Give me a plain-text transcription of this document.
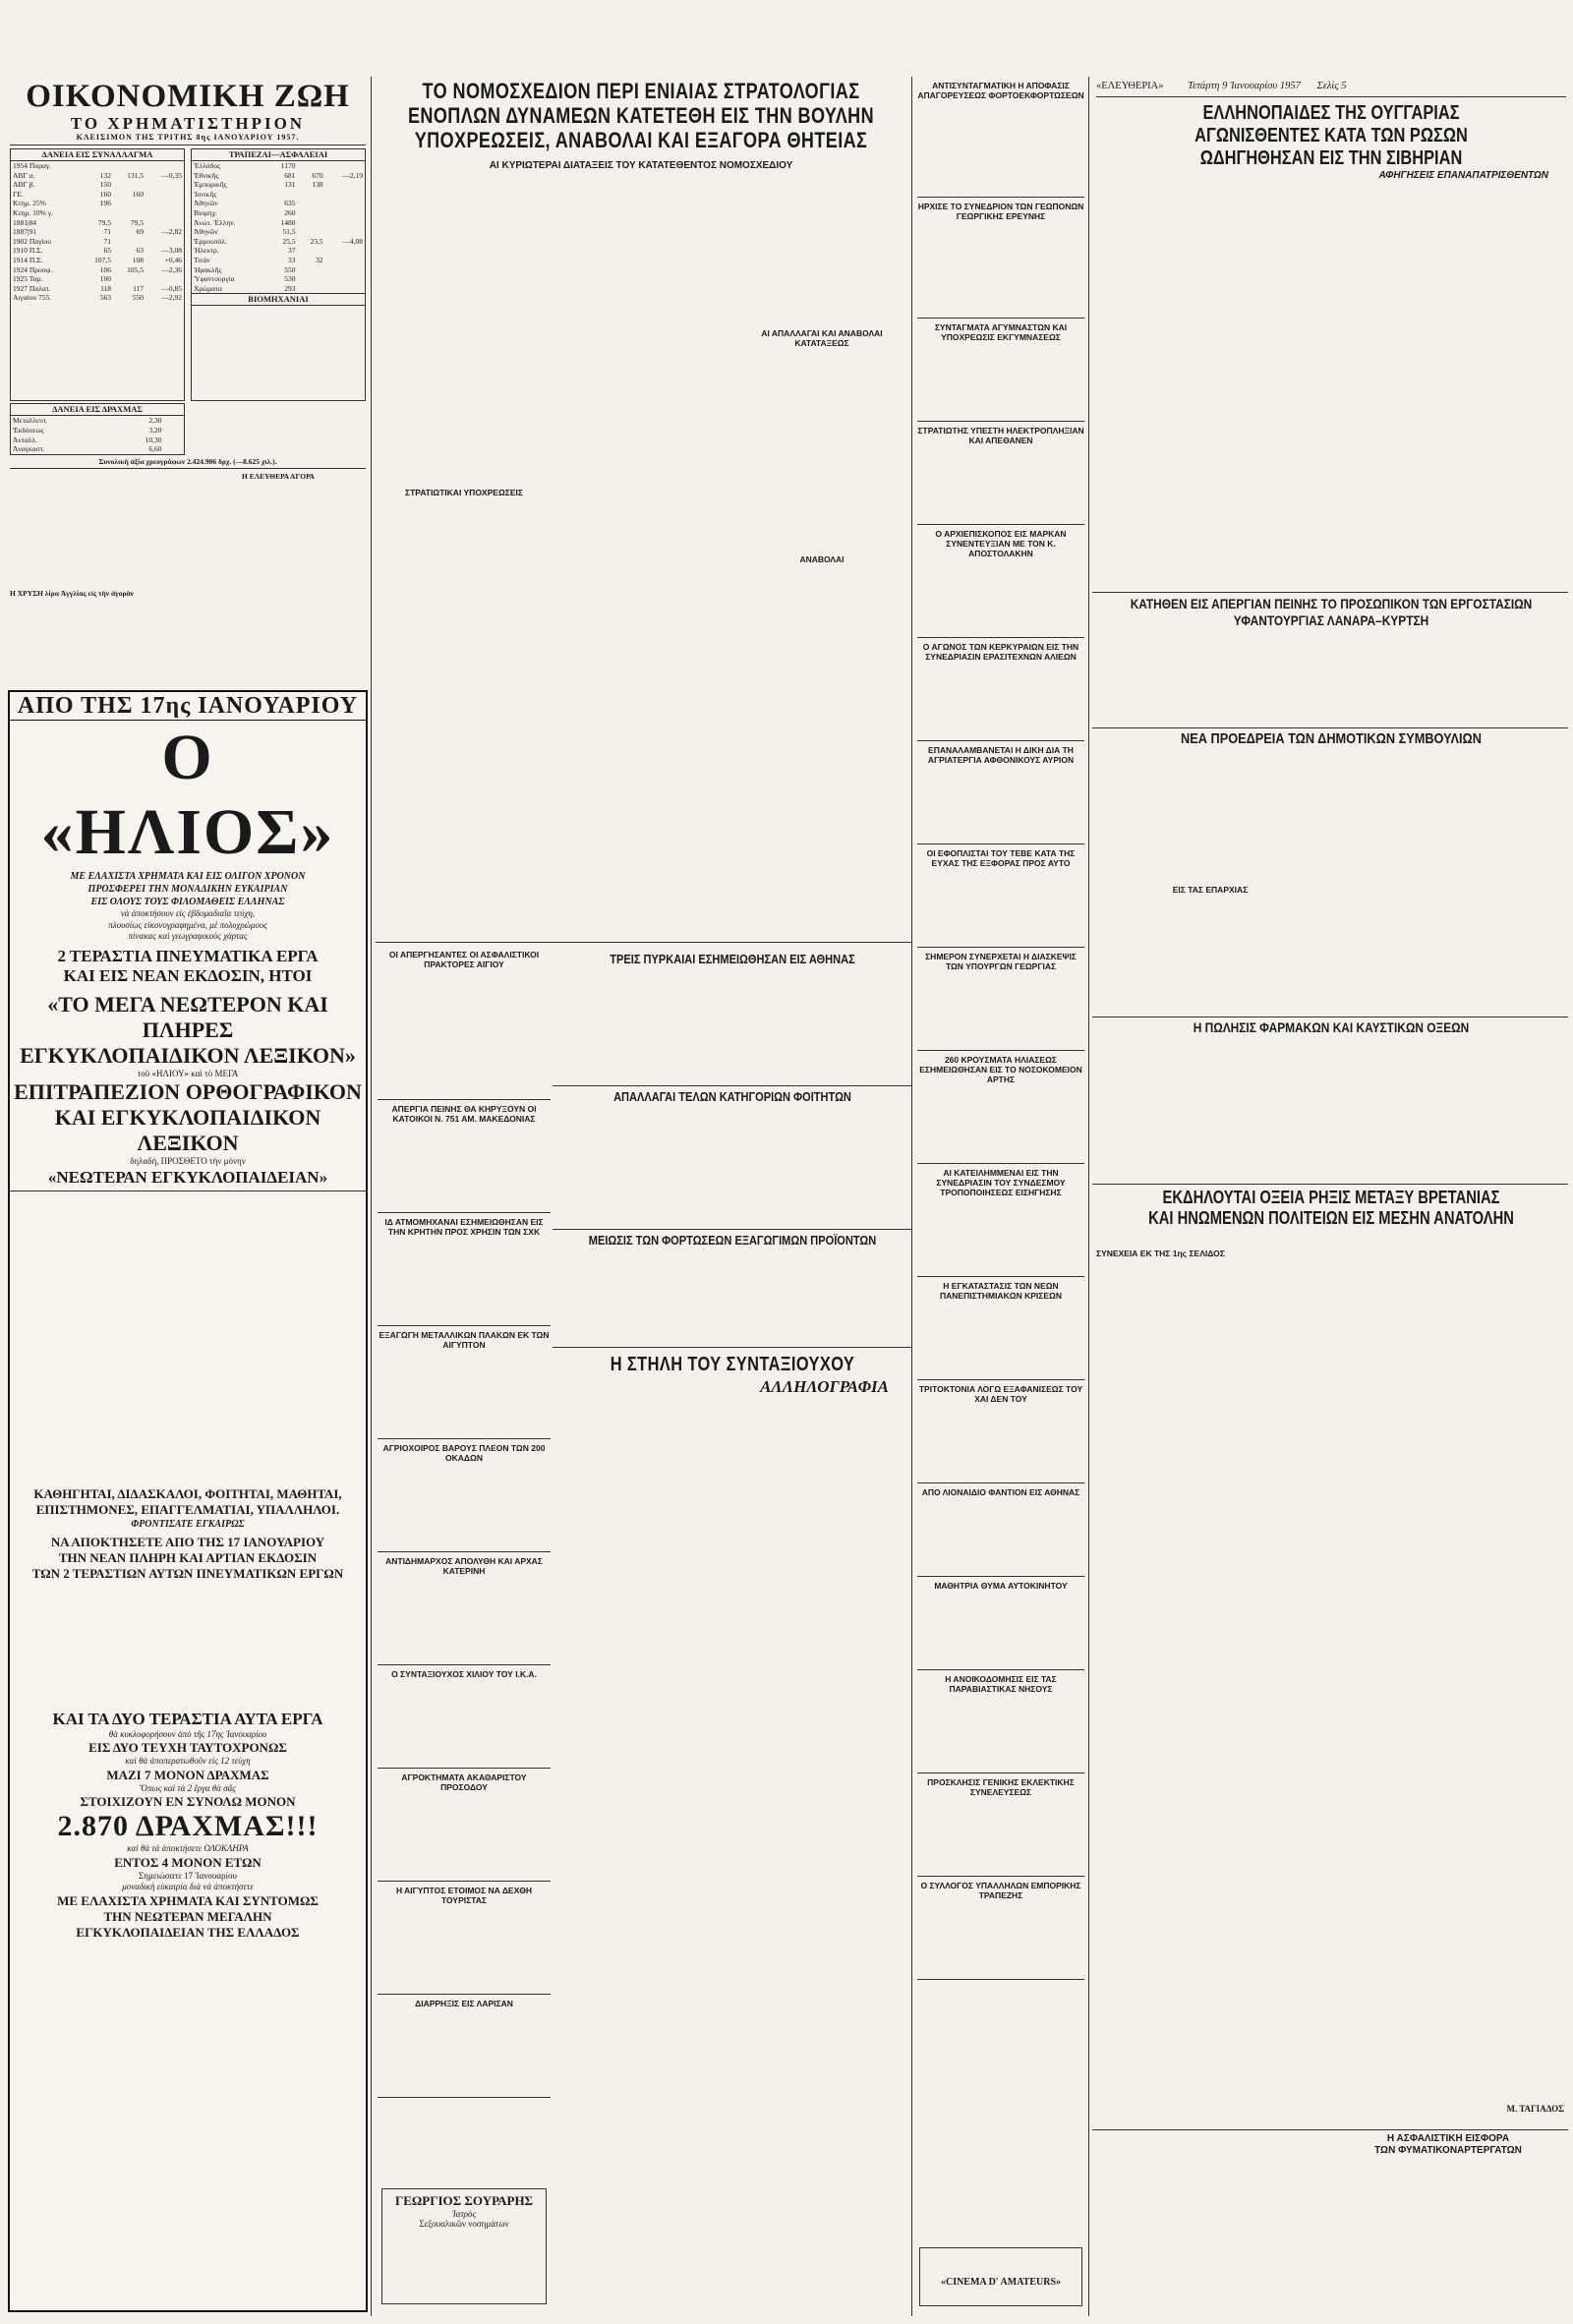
«ΕΛΕΥΘΕΡΙΑ» Τετάρτη 9 Ἰανουαρίου 1957 Σελὶς 5
ΟΙΚΟΝΟΜΙΚΗ ΖΩΗ
ΤΟ ΧΡΗΜΑΤΙΣΤΗΡΙΟΝ
ΚΛΕΙΣΙΜΟΝ ΤΗΣ ΤΡΙΤΗΣ 8ης ΙΑΝΟΥΑΡΙΟΥ 1957.
ΔΑΝΕΙΑ ΕΙΣ ΣΥΝΑΛΛΑΓΜΑ
1954 Παραγ.			
ΑΒΓ α.	132	131,5	—0,35
ΑΒΓ β.	150		
ΓΕ.	160	160	
Κτημ. 25%	196		
Κτημ. 10% γ.			
1881|84	79,5	79,5	
1887|91	71	69	—2,82
1902 Παγίου	71		
1910 Π.Σ.	65	63	—3,08
1914 Π.Σ.	107,5	108	+0,46
1924 Προσφ.	106	105,5	—2,36
1925 Ταμ.	100		
1927 Παλατ.	118	117	—0,85
Αιγαίου 755.	563	550	—2,92
ΤΡΑΠΕΖΑΙ—ΑΣΦΑΛΕΙΑΙ
Ἑλλάδος	1170		
Ἐθνικῆς	681	670	—2,19
Ἐμπορικῆς	131	138	
Ἰονικῆς			
Ἀθηνῶν	635		
Βιομηχ.	260		
Ἀνώτ. Ἐλλην.	1480		
Ἀθηνῶν	51,5		
Ἑρμουπόλ.	25,5	23,5	—4,08
Ἠλεκτρ.	37		
Τιτάν	33	32	
Ἡρακλῆς	550		
Ὑφαντουργία	530		
Χρώματα	293		
ΒΙΟΜΗΧΑΝΙΑΙ
ΔΑΝΕΙΑ ΕΙΣ ΔΡΑΧΜΑΣ
Μεταλλευτ.	2,30		
Ἐκδόσεως	3,20		
Ἀνταλλ.	10,30		
Ἀναγκαστ.	6,60		
Συνολικὴ ἀξία χρεογράφων 2.424.906 δρχ. (—8.625 χιλ.).
Η ΕΛΕΥΘΕΡΑ ΑΓΟΡΑ
Η ΧΡΥΣΗ λίρα Ἀγγλίας εἰς τὴν ἀγορὰν
ΑΠΟ ΤΗΣ 17ης ΙΑΝΟΥΑΡΙΟΥ
Ο «ΗΛΙΟΣ»
ΜΕ ΕΛΑΧΙΣΤΑ ΧΡΗΜΑΤΑ ΚΑΙ ΕΙΣ ΟΛΙΓΟΝ ΧΡΟΝΟΝ
ΠΡΟΣΦΕΡΕΙ ΤΗΝ ΜΟΝΑΔΙΚΗΝ ΕΥΚΑΙΡΙΑΝ
ΕΙΣ ΟΛΟΥΣ ΤΟΥΣ ΦΙΛΟΜΑΘΕΙΣ ΕΛΛΗΝΑΣ
νὰ ἀποκτήσουν εἰς ἑβδομαδιαῖα τεύχη,
πλουσίως εἰκονογραφημένα, μὲ πολυχρώμους
πίνακας καὶ γεωγραφικοὺς χάρτας
2 ΤΕΡΑΣΤΙΑ ΠΝΕΥΜΑΤΙΚΑ ΕΡΓΑ
ΚΑΙ ΕΙΣ ΝΕΑΝ ΕΚΔΟΣΙΝ, ΗΤΟΙ
«ΤΟ ΜΕΓΑ ΝΕΩΤΕΡΟΝ ΚΑΙ ΠΛΗΡΕΣ
ΕΓΚΥΚΛΟΠΑΙΔΙΚΟΝ ΛΕΞΙΚΟΝ»
τοῦ «ΗΛΙΟΥ» καὶ τὸ ΜΕΓΑ
ΕΠΙΤΡΑΠΕΖΙΟΝ ΟΡΘΟΓΡΑΦΙΚΟΝ
ΚΑΙ ΕΓΚΥΚΛΟΠΑΙΔΙΚΟΝ ΛΕΞΙΚΟΝ
δηλαδή, ΠΡΟΣΘΕΤΟ τὴν μόνην
«ΝΕΩΤΕΡΑΝ ΕΓΚΥΚΛΟΠΑΙΔΕΙΑΝ»
ΚΑΘΗΓΗΤΑΙ, ΔΙΔΑΣΚΑΛΟΙ, ΦΟΙΤΗΤΑΙ, ΜΑΘΗΤΑΙ,
ΕΠΙΣΤΗΜΟΝΕΣ, ΕΠΑΓΓΕΛΜΑΤΙΑΙ, ΥΠΑΛΛΗΛΟΙ.
ΦΡΟΝΤΙΣΑΤΕ ΕΓΚΑΙΡΩΣ
ΝΑ ΑΠΟΚΤΗΣΕΤΕ ΑΠΟ ΤΗΣ 17 ΙΑΝΟΥΑΡΙΟΥ
ΤΗΝ ΝΕΑΝ ΠΛΗΡΗ ΚΑΙ ΑΡΤΙΑΝ ΕΚΔΟΣΙΝ
ΤΩΝ 2 ΤΕΡΑΣΤΙΩΝ ΑΥΤΩΝ ΠΝΕΥΜΑΤΙΚΩΝ ΕΡΓΩΝ
ΚΑΙ ΤΑ ΔΥΟ ΤΕΡΑΣΤΙΑ ΑΥΤΑ ΕΡΓΑ
θὰ κυκλοφορήσουν ἀπὸ τῆς 17ης Ἰανουαρίου
ΕΙΣ ΔΥΟ ΤΕΥΧΗ ΤΑΥΤΟΧΡΟΝΩΣ
καὶ θὰ ἀποπερατωθοῦν εἰς 12 τεύχη
ΜΑΖΙ 7 ΜΟΝΟΝ ΔΡΑΧΜΑΣ
Ὅπως καὶ τὰ 2 ἔργα θὰ σᾶς
ΣΤΟΙΧΙΖΟΥΝ ΕΝ ΣΥΝΟΛΩ ΜΟΝΟΝ
2.870 ΔΡΑΧΜΑΣ!!!
καὶ θὰ τὰ ἀποκτήσετε ΟΛΟΚΛΗΡΑ
ΕΝΤΟΣ 4 ΜΟΝΟΝ ΕΤΩΝ
Σημειώσατε 17 Ἰανουαρίου
μοναδικὴ εὐκαιρία διὰ νὰ ἀποκτήσετε
ΜΕ ΕΛΑΧΙΣΤΑ ΧΡΗΜΑΤΑ ΚΑΙ ΣΥΝΤΟΜΩΣ
ΤΗΝ ΝΕΩΤΕΡΑΝ ΜΕΓΑΛΗΝ
ΕΓΚΥΚΛΟΠΑΙΔΕΙΑΝ ΤΗΣ ΕΛΛΑΔΟΣ
ΤΟ ΝΟΜΟΣΧΕΔΙΟΝ ΠΕΡΙ ΕΝΙΑΙΑΣ ΣΤΡΑΤΟΛΟΓΙΑΣ
ΕΝΟΠΛΩΝ ΔΥΝΑΜΕΩΝ ΚΑΤΕΤΕΘΗ ΕΙΣ ΤΗΝ ΒΟΥΛΗΝ
ΥΠΟΧΡΕΩΣΕΙΣ, ΑΝΑΒΟΛΑΙ ΚΑΙ ΕΞΑΓΟΡΑ ΘΗΤΕΙΑΣ
ΑΙ ΚΥΡΙΩΤΕΡΑΙ ΔΙΑΤΑΞΕΙΣ ΤΟΥ ΚΑΤΑΤΕΘΕΝΤΟΣ ΝΟΜΟΣΧΕΔΙΟΥ
ΣΤΡΑΤΙΩΤΙΚΑΙ ΥΠΟΧΡΕΩΣΕΙΣ
ΑΙ ΑΠΑΛΛΑΓΑΙ ΚΑΙ ΑΝΑΒΟΛΑΙ ΚΑΤΑΤΑΞΕΩΣ
ΑΝΑΒΟΛΑΙ
ΟΙ ΑΠΕΡΓΗΣΑΝΤΕΣ ΟΙ ΑΣΦΑΛΙΣΤΙΚΟΙ ΠΡΑΚΤΟΡΕΣ ΑΙΓΙΟΥ
ΑΠΕΡΓΙΑ ΠΕΙΝΗΣ ΘΑ ΚΗΡΥΞΟΥΝ ΟΙ ΚΑΤΟΙΚΟΙ Ν. 751 ΑΜ. ΜΑΚΕΔΟΝΙΑΣ
ΙΔ ΑΤΜΟΜΗΧΑΝΑΙ ΕΣΗΜΕΙΩΘΗΣΑΝ ΕΙΣ ΤΗΝ ΚΡΗΤΗΝ ΠΡΟΣ ΧΡΗΣΙΝ ΤΩΝ ΣΧΚ
ΕΞΑΓΩΓΗ ΜΕΤΑΛΛΙΚΩΝ ΠΛΑΚΩΝ ΕΚ ΤΩΝ ΑΙΓΥΠΤΟΝ
ΑΓΡΙΟΧΟΙΡΟΣ ΒΑΡΟΥΣ ΠΛΕΟΝ ΤΩΝ 200 ΟΚΑΔΩΝ
ΑΝΤΙΔΗΜΑΡΧΟΣ ΑΠΟΛΥΘΗ ΚΑΙ ΑΡΧΑΣ ΚΑΤΕΡΙΝΗ
Ο ΣΥΝΤΑΞΙΟΥΧΟΣ ΧΙΛΙΟΥ ΤΟΥ Ι.Κ.Α.
ΑΓΡΟΚΤΗΜΑΤΑ ΑΚΑΘΑΡΙΣΤΟΥ ΠΡΟΣΟΔΟΥ
Η ΑΙΓΥΠΤΟΣ ΕΤΟΙΜΟΣ ΝΑ ΔΕΧΘΗ ΤΟΥΡΙΣΤΑΣ
ΔΙΑΡΡΗΞΙΣ ΕΙΣ ΛΑΡΙΣΑΝ
ΤΡΕΙΣ ΠΥΡΚΑΙΑΙ ΕΣΗΜΕΙΩΘΗΣΑΝ ΕΙΣ ΑΘΗΝΑΣ
ΑΠΑΛΛΑΓΑΙ ΤΕΛΩΝ ΚΑΤΗΓΟΡΙΩΝ ΦΟΙΤΗΤΩΝ
ΜΕΙΩΣΙΣ ΤΩΝ ΦΟΡΤΩΣΕΩΝ ΕΞΑΓΩΓΙΜΩΝ ΠΡΟΪΟΝΤΩΝ
Η ΣΤΗΛΗ ΤΟΥ ΣΥΝΤΑΞΙΟΥΧΟΥ
ΑΛΛΗΛΟΓΡΑΦΙΑ
ΓΕΩΡΓΙΟΣ ΣΟΥΡΑΡΗΣ
Ἰατρὸς
Σεξουαλικῶν νοσημάτων
ΑΝΤΙΣΥΝΤΑΓΜΑΤΙΚΗ Η ΑΠΟΦΑΣΙΣ ΑΠΑΓΟΡΕΥΣΕΩΣ ΦΟΡΤΟΕΚΦΟΡΤΩΣΕΩΝ
ΗΡΧΙΣΕ ΤΟ ΣΥΝΕΔΡΙΟΝ ΤΩΝ ΓΕΩΠΟΝΩΝ ΓΕΩΡΓΙΚΗΣ ΕΡΕΥΝΗΣ
ΣΥΝΤΑΓΜΑΤΑ ΑΓΥΜΝΑΣΤΩΝ ΚΑΙ ΥΠΟΧΡΕΩΣΙΣ ΕΚΓΥΜΝΑΣΕΩΣ
ΣΤΡΑΤΙΩΤΗΣ ΥΠΕΣΤΗ ΗΛΕΚΤΡΟΠΛΗΞΙΑΝ ΚΑΙ ΑΠΕΘΑΝΕΝ
Ο ΑΡΧΙΕΠΙΣΚΟΠΟΣ ΕΙΣ ΜΑΡΚΑΝ ΣΥΝΕΝΤΕΥΞΙΑΝ ΜΕ ΤΟΝ Κ. ΑΠΟΣΤΟΛΑΚΗΝ
Ο ΑΓΩΝΟΣ ΤΩΝ ΚΕΡΚΥΡΑΙΩΝ ΕΙΣ ΤΗΝ ΣΥΝΕΔΡΙΑΣΙΝ ΕΡΑΣΙΤΕΧΝΩΝ ΑΛΙΕΩΝ
ΕΠΑΝΑΛΑΜΒΑΝΕΤΑΙ Η ΔΙΚΗ ΔΙΑ ΤΗ ΑΓΡΙΑΤΕΡΓΙΑ ΑΦΘΟΝΙΚΟΥΣ ΑΥΡΙΟΝ
ΟΙ ΕΦΟΠΛΙΣΤΑΙ ΤΟΥ ΤΕΒΕ ΚΑΤΑ ΤΗΣ ΕΥΧΑΣ ΤΗΣ ΕΞΦΟΡΑΣ ΠΡΟΣ ΑΥΤΟ
ΣΗΜΕΡΟΝ ΣΥΝΕΡΧΕΤΑΙ Η ΔΙΑΣΚΕΨΙΣ ΤΩΝ ΥΠΟΥΡΓΩΝ ΓΕΩΡΓΙΑΣ
260 ΚΡΟΥΣΜΑΤΑ ΗΛΙΑΣΕΩΣ ΕΣΗΜΕΙΩΘΗΣΑΝ ΕΙΣ ΤΟ ΝΟΣΟΚΟΜΕΙΟΝ ΑΡΤΗΣ
ΑΙ ΚΑΤΕΙΛΗΜΜΕΝΑΙ ΕΙΣ ΤΗΝ ΣΥΝΕΔΡΙΑΣΙΝ ΤΟΥ ΣΥΝΔΕΣΜΟΥ ΤΡΟΠΟΠΟΙΗΣΕΩΣ ΕΙΣΗΓΗΣΗΣ
Η ΕΓΚΑΤΑΣΤΑΣΙΣ ΤΩΝ ΝΕΩΝ ΠΑΝΕΠΙΣΤΗΜΙΑΚΩΝ ΚΡΙΣΕΩΝ
ΤΡΙΤΟΚΤΟΝΙΑ ΛΟΓΩ ΕΞΑΦΑΝΙΣΕΩΣ ΤΟΥ ΧΑΙ ΔΕΝ ΤΟΥ
ΑΠΟ ΛΙΟΝΑΙΔΙΟ ΦΑΝΤΙΟΝ ΕΙΣ ΑΘΗΝΑΣ
ΜΑΘΗΤΡΙΑ ΘΥΜΑ ΑΥΤΟΚΙΝΗΤΟΥ
Η ΑΝΟΙΚΟΔΟΜΗΣΙΣ ΕΙΣ ΤΑΣ ΠΑΡΑΒΙΑΣΤΙΚΑΣ ΝΗΣΟΥΣ
ΠΡΟΣΚΛΗΣΙΣ ΓΕΝΙΚΗΣ ΕΚΛΕΚΤΙΚΗΣ ΣΥΝΕΛΕΥΣΕΩΣ
Ο ΣΥΛΛΟΓΟΣ ΥΠΑΛΛΗΛΩΝ ΕΜΠΟΡΙΚΗΣ ΤΡΑΠΕΖΗΣ
«CINEMA D' AMATEURS»
ΕΛΛΗΝΟΠΑΙΔΕΣ ΤΗΣ ΟΥΓΓΑΡΙΑΣ
ΑΓΩΝΙΣΘΕΝΤΕΣ ΚΑΤΑ ΤΩΝ ΡΩΣΩΝ
ΩΔΗΓΗΘΗΣΑΝ ΕΙΣ ΤΗΝ ΣΙΒΗΡΙΑΝ
ΑΦΗΓΗΣΕΙΣ ΕΠΑΝΑΠΑΤΡΙΣΘΕΝΤΩΝ
ΚΑΤΗΘΕΝ ΕΙΣ ΑΠΕΡΓΙΑΝ ΠΕΙΝΗΣ ΤΟ ΠΡΟΣΩΠΙΚΟΝ ΤΩΝ ΕΡΓΟΣΤΑΣΙΩΝ ΥΦΑΝΤΟΥΡΓΙΑΣ ΛΑΝΑΡΑ–ΚΥΡΤΣΗ
ΝΕΑ ΠΡΟΕΔΡΕΙΑ ΤΩΝ ΔΗΜΟΤΙΚΩΝ ΣΥΜΒΟΥΛΙΩΝ
ΕΙΣ ΤΑΣ ΕΠΑΡΧΙΑΣ
Η ΠΩΛΗΣΙΣ ΦΑΡΜΑΚΩΝ ΚΑΙ ΚΑΥΣΤΙΚΩΝ ΟΞΕΩΝ
ΕΚΔΗΛΟΥΤΑΙ ΟΞΕΙΑ ΡΗΞΙΣ ΜΕΤΑΞΥ ΒΡΕΤΑΝΙΑΣ
ΚΑΙ ΗΝΩΜΕΝΩΝ ΠΟΛΙΤΕΙΩΝ ΕΙΣ ΜΕΣΗΝ ΑΝΑΤΟΛΗΝ
ΣΥΝΕΧΕΙΑ ΕΚ ΤΗΣ 1ης ΣΕΛΙΔΟΣ
Μ. ΤΑΓΙΑΔΟΣ
Η ΑΣΦΑΛΙΣΤΙΚΗ ΕΙΣΦΟΡΑ
ΤΩΝ ΦΥΜΑΤΙΚΟΝΑΡΤΕΡΓΑΤΩΝ
